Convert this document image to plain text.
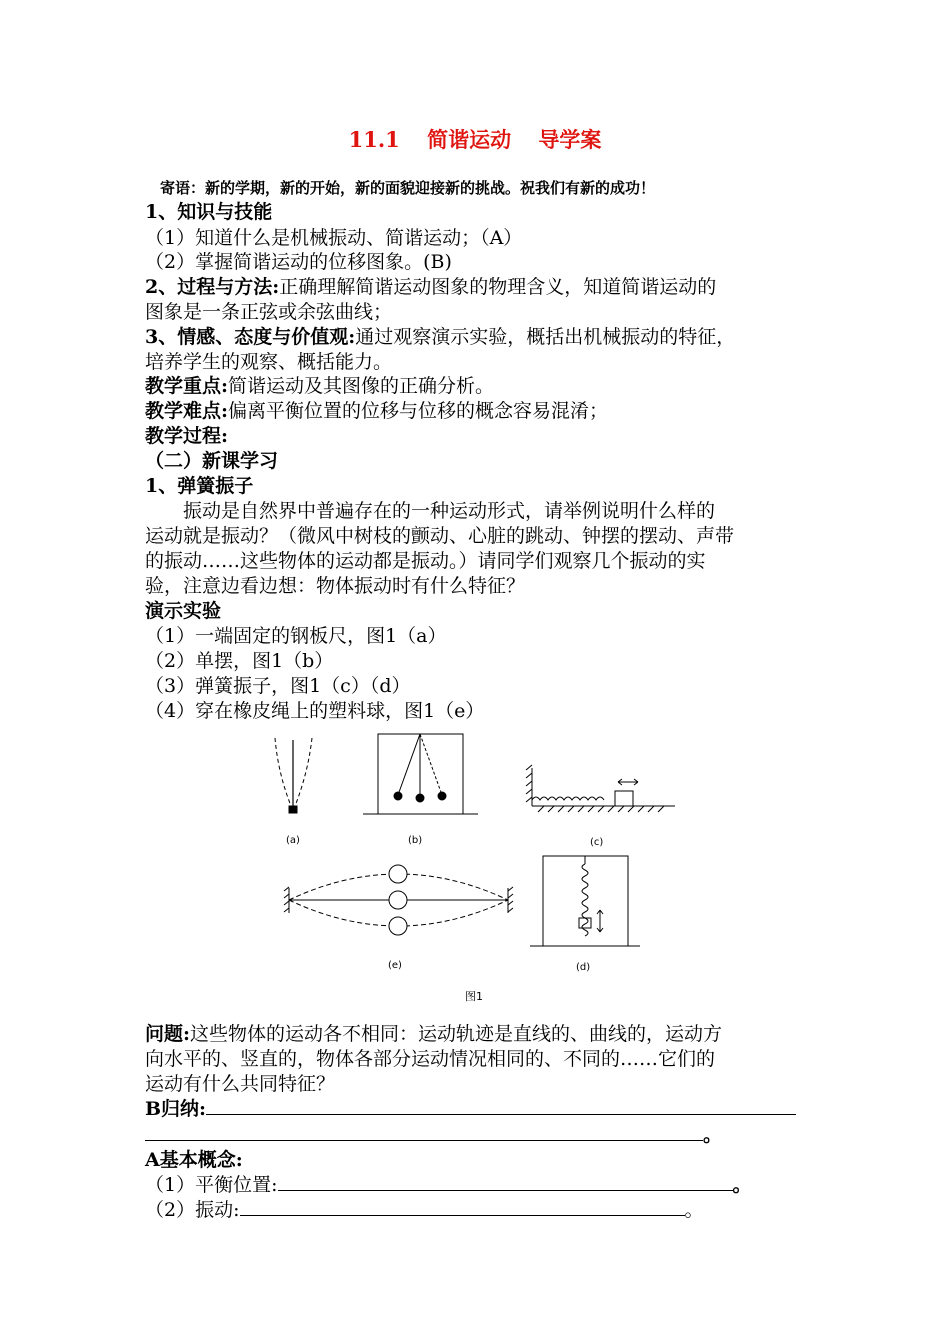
11.1 简谐运动 导学案
寄语：新的学期，新的开始，新的面貌迎接新的挑战。祝我们有新的成功！
1、知识与技能
（1）知道什么是机械振动、简谐运动；（A）
（2）掌握简谐运动的位移图象。(B)
2、过程与方法:正确理解简谐运动图象的物理含义，知道简谐运动的
图象是一条正弦或余弦曲线；
3、情感、态度与价值观:通过观察演示实验，概括出机械振动的特征，
培养学生的观察、概括能力。
教学重点:简谐运动及其图像的正确分析。
教学难点:偏离平衡位置的位移与位移的概念容易混淆；
教学过程:
（二）新课学习
1、弹簧振子
振动是自然界中普遍存在的一种运动形式，请举例说明什么样的
运动就是振动？（微风中树枝的颤动、心脏的跳动、钟摆的摆动、声带
的振动……这些物体的运动都是振动。）请同学们观察几个振动的实
验，注意边看边想：物体振动时有什么特征？
演示实验
（1）一端固定的钢板尺，图1（a）
（2）单摆，图1（b）
（3）弹簧振子，图1（c）（d）
（4）穿在橡皮绳上的塑料球，图1（e）
(a)	(b)	(c)
(e)	(d)
图1
问题:这些物体的运动各不相同：运动轨迹是直线的、曲线的，运动方
向水平的、竖直的，物体各部分运动情况相同的、不同的……它们的
运动有什么共同特征？
B归纳:
。
A基本概念:
（1）平衡位置:	。
（2）振动:	。
